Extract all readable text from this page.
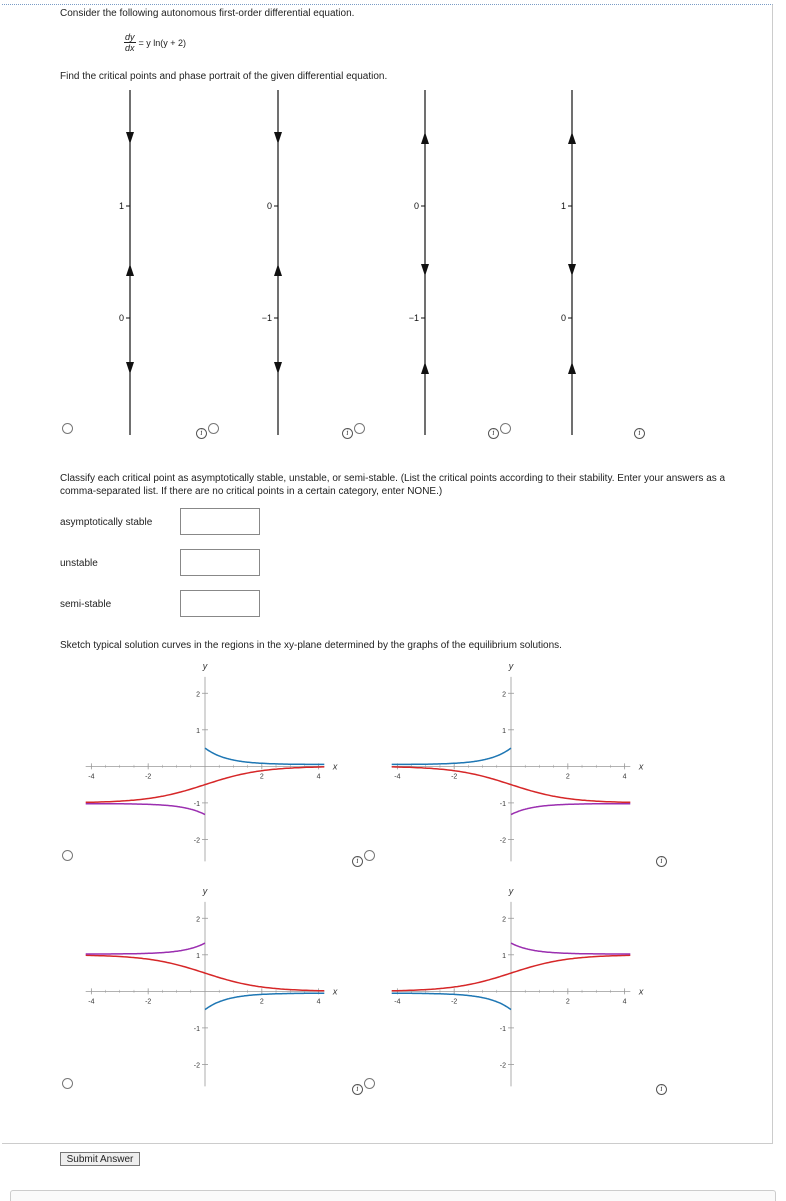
Consider the following autonomous first-order differential equation.
$\frac{dy}{dx} = y$ ln(y + 2)
Find the critical points and phase portrait of the given differential equation.
1
0
0
−1
0
−1
1
0
i	i	i	i
Classify each critical point as asymptotically stable, unstable, or semi-stable. (List the critical points according to their stability. Enter your answers as a comma-separated list. If there are no critical points in a certain category, enter NONE.)
asymptotically stable
unstable
semi-stable
Sketch typical solution curves in the regions in the xy-plane determined by the graphs of the equilibrium solutions.
x
y
-4	-2	2	4
2
1
-1
-2
x
y
-4	-2	2	4
2
1
-1
-2
x
y
-4	-2	2	4
2
1
-1
-2
x
y
-4	-2	2	4
2
1
-1
-2
i	i
i	i
Submit Answer
